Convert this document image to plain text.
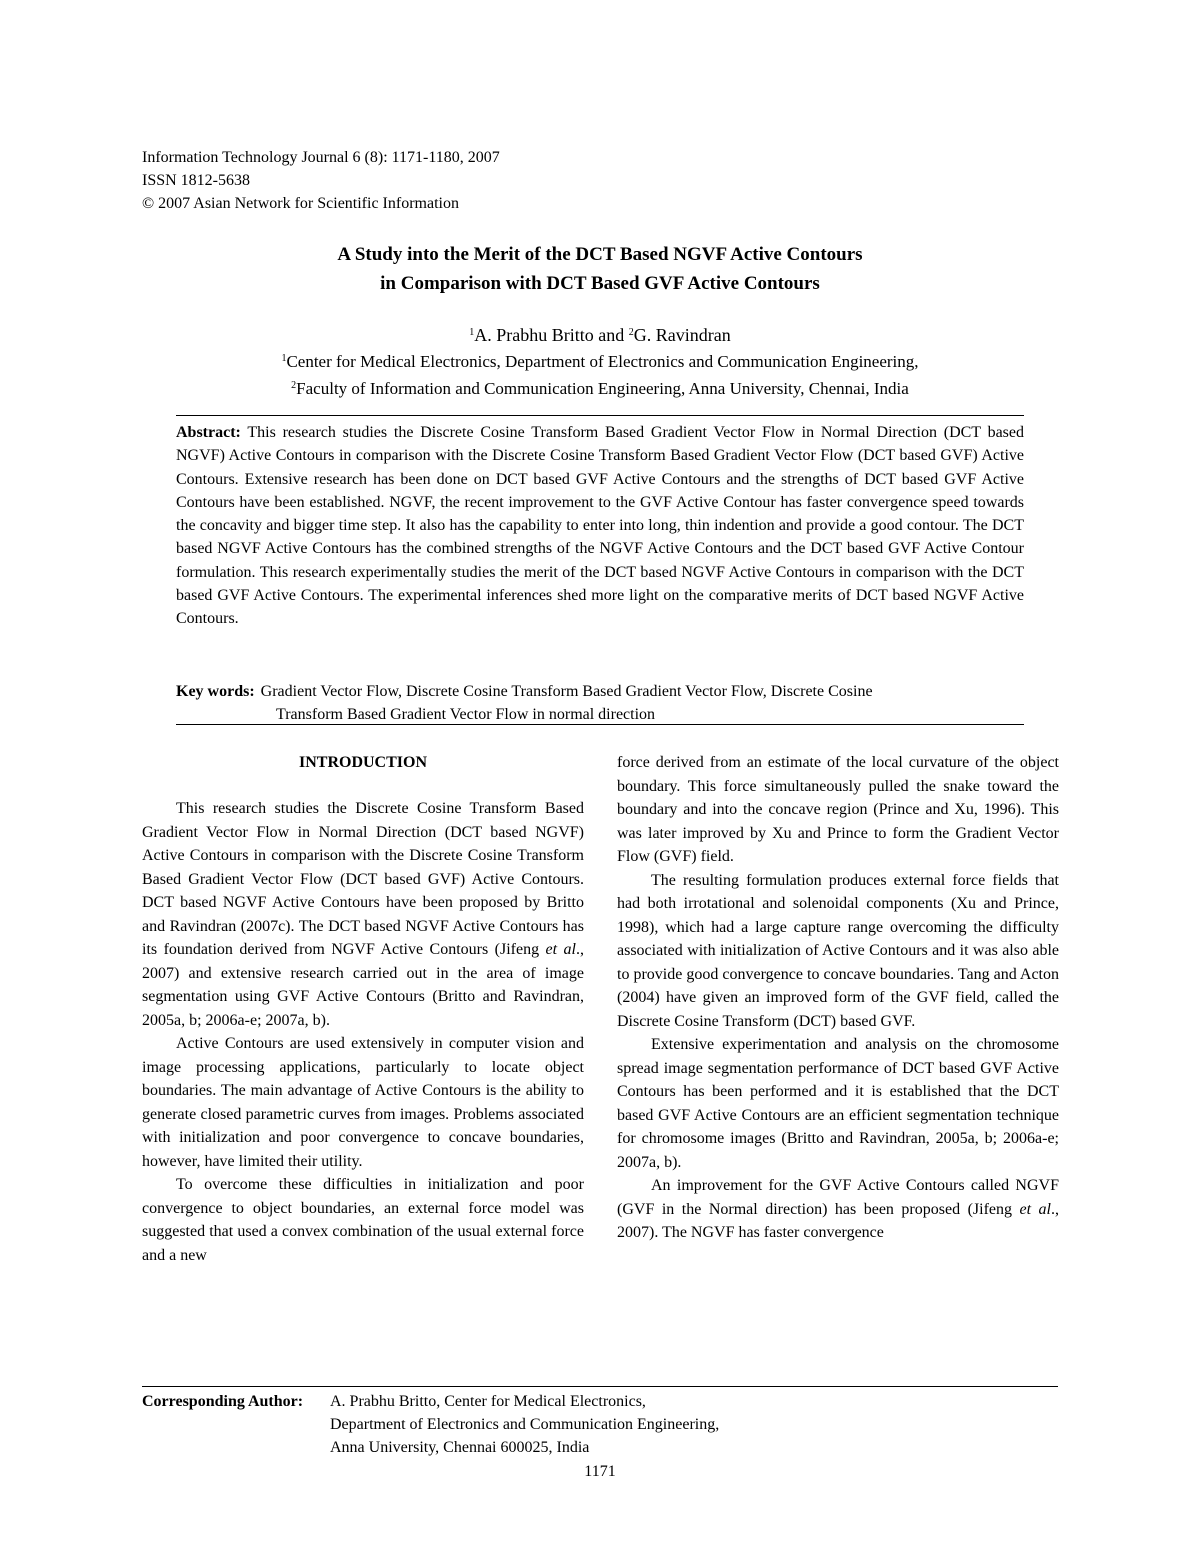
Information Technology Journal 6 (8): 1171-1180, 2007
ISSN 1812-5638
© 2007 Asian Network for Scientific Information
A Study into the Merit of the DCT Based NGVF Active Contours
in Comparison with DCT Based GVF Active Contours
$^1$A. Prabhu Britto and $^2$G. Ravindran
$^1$Center for Medical Electronics, Department of Electronics and Communication Engineering,
$^2$Faculty of Information and Communication Engineering, Anna University, Chennai, India
Abstract: This research studies the Discrete Cosine Transform Based Gradient Vector Flow in Normal Direction (DCT based NGVF) Active Contours in comparison with the Discrete Cosine Transform Based Gradient Vector Flow (DCT based GVF) Active Contours. Extensive research has been done on DCT based GVF Active Contours and the strengths of DCT based GVF Active Contours have been established. NGVF, the recent improvement to the GVF Active Contour has faster convergence speed towards the concavity and bigger time step. It also has the capability to enter into long, thin indention and provide a good contour. The DCT based NGVF Active Contours has the combined strengths of the NGVF Active Contours and the DCT based GVF Active Contour formulation. This research experimentally studies the merit of the DCT based NGVF Active Contours in comparison with the DCT based GVF Active Contours. The experimental inferences shed more light on the comparative merits of DCT based NGVF Active Contours.
Key words: Gradient Vector Flow, Discrete Cosine Transform Based Gradient Vector Flow, Discrete Cosine
Transform Based Gradient Vector Flow in normal direction
INTRODUCTION

This research studies the Discrete Cosine Transform Based Gradient Vector Flow in Normal Direction (DCT based NGVF) Active Contours in comparison with the Discrete Cosine Transform Based Gradient Vector Flow (DCT based GVF) Active Contours. DCT based NGVF Active Contours have been proposed by Britto and Ravindran (2007c). The DCT based NGVF Active Contours has its foundation derived from NGVF Active Contours (Jifeng et al., 2007) and extensive research carried out in the area of image segmentation using GVF Active Contours (Britto and Ravindran, 2005a, b; 2006a-e; 2007a, b).

Active Contours are used extensively in computer vision and image processing applications, particularly to locate object boundaries. The main advantage of Active Contours is the ability to generate closed parametric curves from images. Problems associated with initialization and poor convergence to concave boundaries, however, have limited their utility.

To overcome these difficulties in initialization and poor convergence to object boundaries, an external force model was suggested that used a convex combination of the usual external force and a new

force derived from an estimate of the local curvature of the object boundary. This force simultaneously pulled the snake toward the boundary and into the concave region (Prince and Xu, 1996). This was later improved by Xu and Prince to form the Gradient Vector Flow (GVF) field.

The resulting formulation produces external force fields that had both irrotational and solenoidal components (Xu and Prince, 1998), which had a large capture range overcoming the difficulty associated with initialization of Active Contours and it was also able to provide good convergence to concave boundaries. Tang and Acton (2004) have given an improved form of the GVF field, called the Discrete Cosine Transform (DCT) based GVF.

Extensive experimentation and analysis on the chromosome spread image segmentation performance of DCT based GVF Active Contours has been performed and it is established that the DCT based GVF Active Contours are an efficient segmentation technique for chromosome images (Britto and Ravindran, 2005a, b; 2006a-e; 2007a, b).

An improvement for the GVF Active Contours called NGVF (GVF in the Normal direction) has been proposed (Jifeng et al., 2007). The NGVF has faster convergence

Corresponding Author:	A. Prabhu Britto, Center for Medical Electronics,
Department of Electronics and Communication Engineering,
Anna University, Chennai 600025, India
1171
